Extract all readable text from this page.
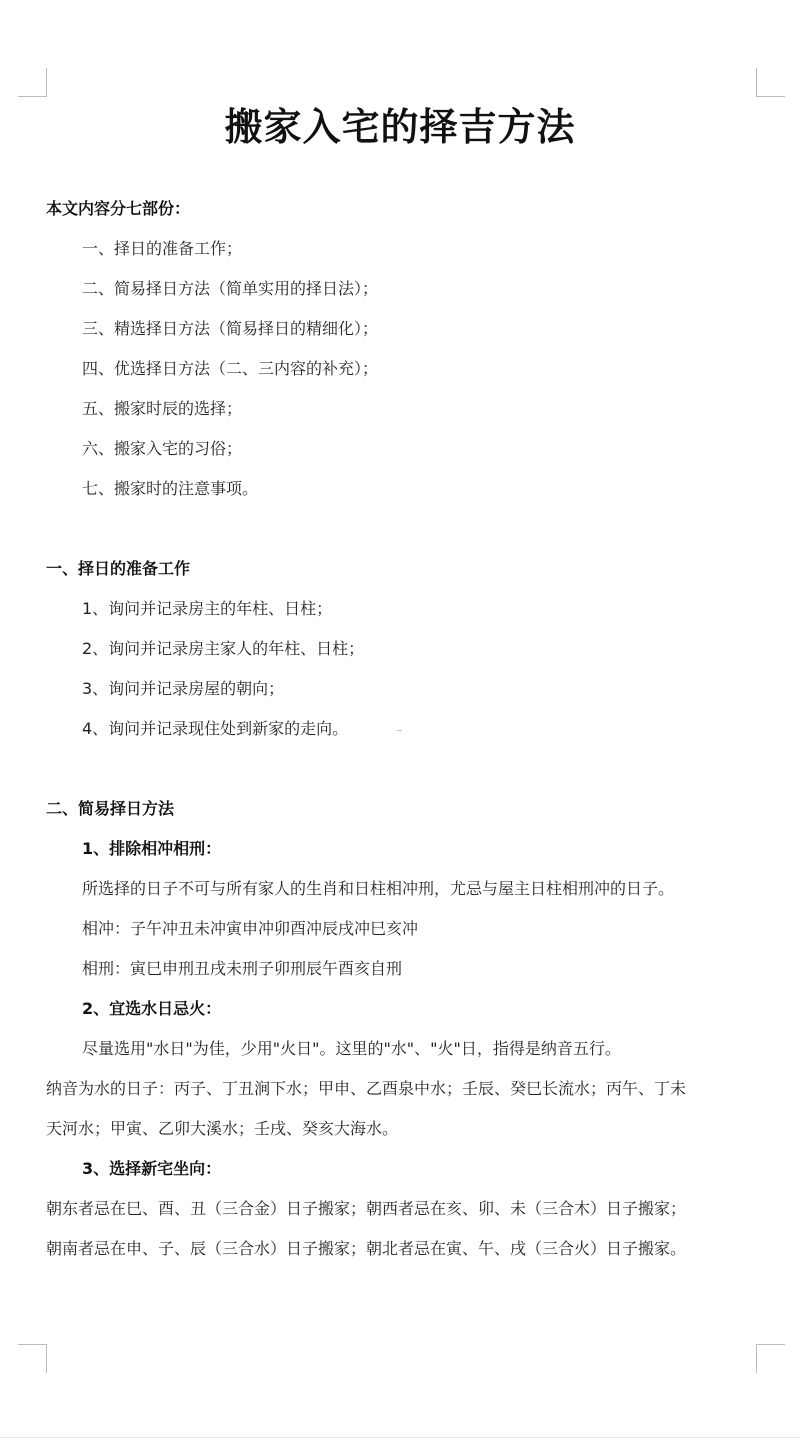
搬家入宅的择吉方法
本文内容分七部份：
一、择日的准备工作；
二、简易择日方法（简单实用的择日法）；
三、精选择日方法（简易择日的精细化）；
四、优选择日方法（二、三内容的补充）；
五、搬家时辰的选择；
六、搬家入宅的习俗；
七、搬家时的注意事项。
一、择日的准备工作
1、询问并记录房主的年柱、日柱；
2、询问并记录房主家人的年柱、日柱；
3、询问并记录房屋的朝向；
4、询问并记录现住处到新家的走向。	~
二、简易择日方法
1、排除相冲相刑：
所选择的日子不可与所有家人的生肖和日柱相冲刑，尤忌与屋主日柱相刑冲的日子。
相冲：子午冲丑未冲寅申冲卯酉冲辰戌冲巳亥冲
相刑：寅巳申刑丑戌未刑子卯刑辰午酉亥自刑
2、宜选水日忌火：
尽量选用"水日"为佳，少用"火日"。这里的"水"、"火"日，指得是纳音五行。
纳音为水的日子：丙子、丁丑涧下水；甲申、乙酉泉中水；壬辰、癸巳长流水；丙午、丁未
天河水；甲寅、乙卯大溪水；壬戌、癸亥大海水。
3、选择新宅坐向：
朝东者忌在巳、酉、丑（三合金）日子搬家；朝西者忌在亥、卯、未（三合木）日子搬家；
朝南者忌在申、子、辰（三合水）日子搬家；朝北者忌在寅、午、戌（三合火）日子搬家。
